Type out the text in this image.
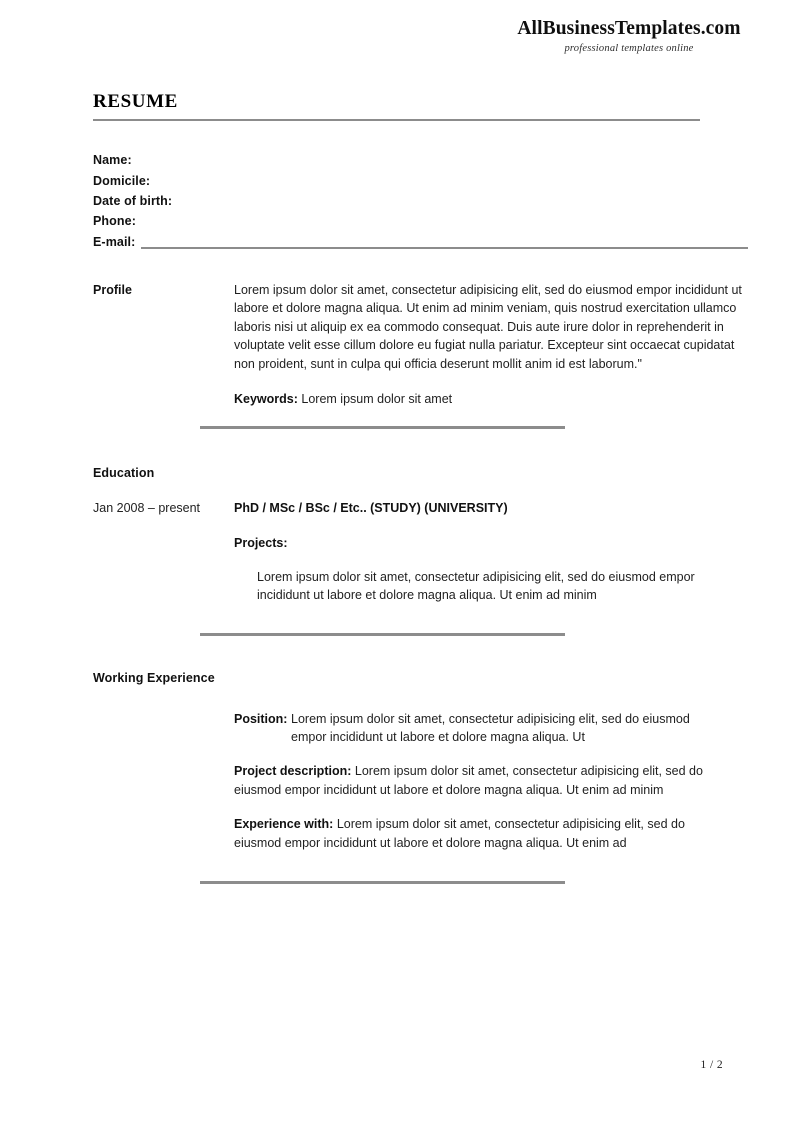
AllBusinessTemplates.com
professional templates online
RESUME
Name:
Domicile:
Date of birth:
Phone:
E-mail:
Profile	Lorem ipsum dolor sit amet, consectetur adipisicing elit, sed do eiusmod empor incididunt ut labore et dolore magna aliqua. Ut enim ad minim veniam, quis nostrud exercitation ullamco laboris nisi ut aliquip ex ea commodo consequat. Duis aute irure dolor in reprehenderit in voluptate velit esse cillum dolore eu fugiat nulla pariatur. Excepteur sint occaecat cupidatat non proident, sunt in culpa qui officia deserunt mollit anim id est laborum."
Keywords: Lorem ipsum dolor sit amet
Education
Jan 2008 – present	PhD / MSc / BSc / Etc.. (STUDY) (UNIVERSITY)
Projects:
Lorem ipsum dolor sit amet, consectetur adipisicing elit, sed do eiusmod empor incididunt ut labore et dolore magna aliqua. Ut enim ad minim
Working Experience
Position: Lorem ipsum dolor sit amet, consectetur adipisicing elit, sed do eiusmod empor incididunt ut labore et dolore magna aliqua. Ut
Project description: Lorem ipsum dolor sit amet, consectetur adipisicing elit, sed do eiusmod empor incididunt ut labore et dolore magna aliqua. Ut enim ad minim
Experience with: Lorem ipsum dolor sit amet, consectetur adipisicing elit, sed do eiusmod empor incididunt ut labore et dolore magna aliqua. Ut enim ad
1 / 2
